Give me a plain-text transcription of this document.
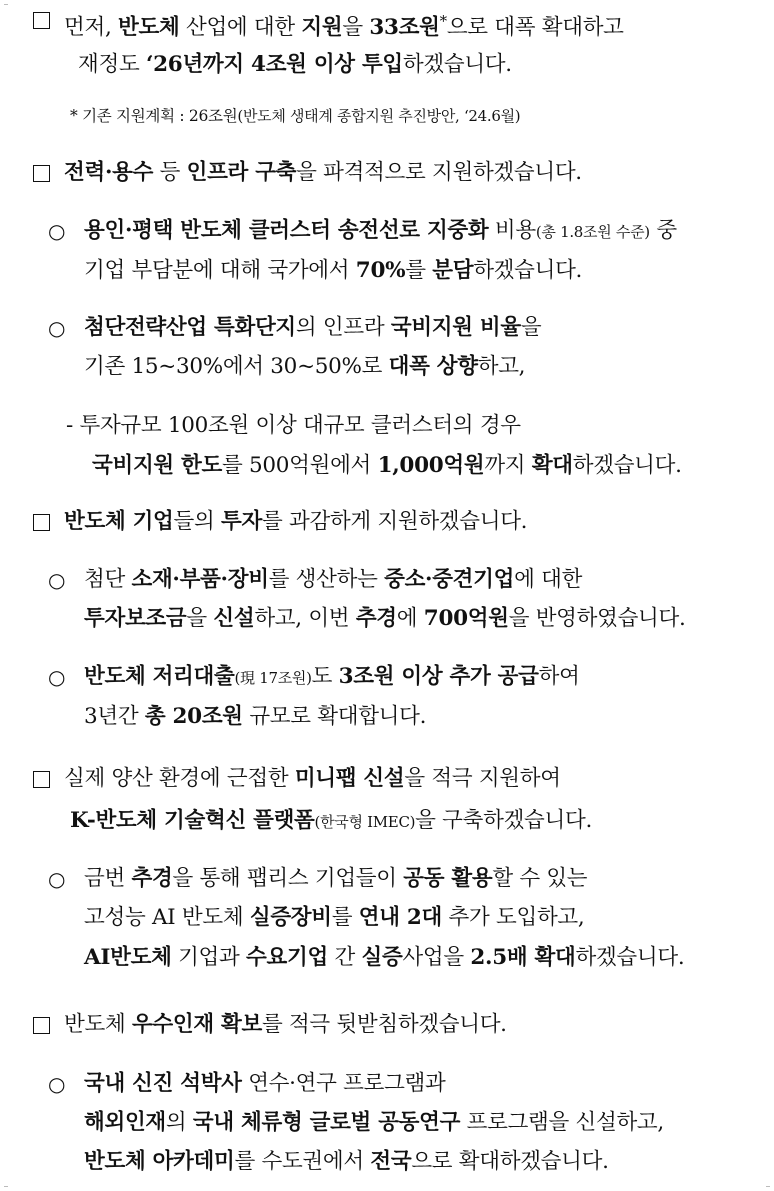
먼저, 반도체 산업에 대한 지원을 33조원*으로 대폭 확대하고
재정도 ‘26년까지 4조원 이상 투입하겠습니다.
* 기존 지원계획 : 26조원(반도체 생태계 종합지원 추진방안, ‘24.6월)
전력·용수 등 인프라 구축을 파격적으로 지원하겠습니다.
○ 용인·평택 반도체 클러스터 송전선로 지중화 비용(총 1.8조원 수준) 중
기업 부담분에 대해 국가에서 70%를 분담하겠습니다.
○ 첨단전략산업 특화단지의 인프라 국비지원 비율을
기존 15~30%에서 30~50%로 대폭 상향하고,
- 투자규모 100조원 이상 대규모 클러스터의 경우
국비지원 한도를 500억원에서 1,000억원까지 확대하겠습니다.
반도체 기업들의 투자를 과감하게 지원하겠습니다.
○ 첨단 소재·부품·장비를 생산하는 중소·중견기업에 대한
투자보조금을 신설하고, 이번 추경에 700억원을 반영하였습니다.
○ 반도체 저리대출(現 17조원)도 3조원 이상 추가 공급하여
3년간 총 20조원 규모로 확대합니다.
실제 양산 환경에 근접한 미니팹 신설을 적극 지원하여
K-반도체 기술혁신 플랫폼(한국형 IMEC)을 구축하겠습니다.
○ 금번 추경을 통해 팹리스 기업들이 공동 활용할 수 있는
고성능 AI 반도체 실증장비를 연내 2대 추가 도입하고,
AI반도체 기업과 수요기업 간 실증사업을 2.5배 확대하겠습니다.
반도체 우수인재 확보를 적극 뒷받침하겠습니다.
○ 국내 신진 석박사 연수·연구 프로그램과
해외인재의 국내 체류형 글로벌 공동연구 프로그램을 신설하고,
반도체 아카데미를 수도권에서 전국으로 확대하겠습니다.
